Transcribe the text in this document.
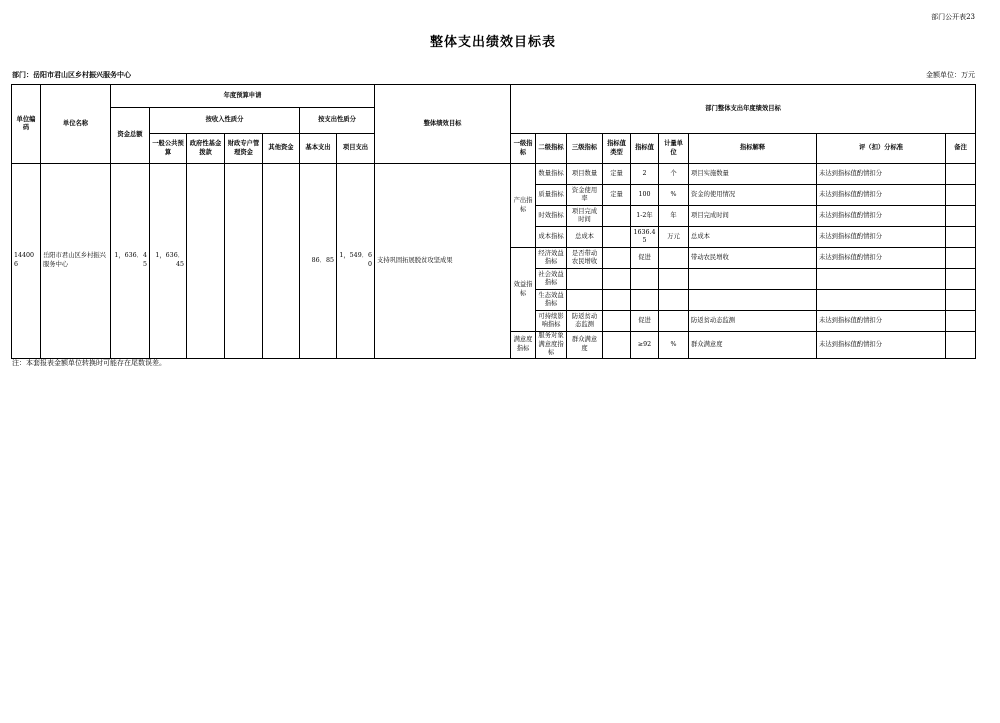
部门公开表23
整体支出绩效目标表
部门：岳阳市君山区乡村振兴服务中心	金额单位：万元
单位编码	单位名称	年度预算申请							整体绩效目标	部门整体支出年度绩效目标								
		资金总额	按收入性质分				按支出性质分											
			一般公共预算	政府性基金拨款	财政专户管理资金	其他资金	基本支出	项目支出		一级指标	二级指标	三级指标	指标值类型	指标值	计量单位	指标解释	评（扣）分标准	备注
144006	岳阳市君山区乡村振兴服务中心	1，636．45	1，636．45				86．85	1，549．60	支持巩固拓展脱贫攻坚成果	产出指标	数量指标	项目数量	定量	2	个	项目实施数量	未达到指标值酌情扣分	
											质量指标	资金使用率	定量	100	%	资金的使用情况	未达到指标值酌情扣分	
											时效指标	项目完成时间		1-2年	年	项目完成时间	未达到指标值酌情扣分	
											成本指标	总成本		1636.45	万元	总成本	未达到指标值酌情扣分	
										效益指标	经济效益指标	是否带动农民增收		促进		带动农民增收	未达到指标值酌情扣分	
											社会效益指标							
											生态效益指标							
											可持续影响指标	防返贫动态监测		促进		防返贫动态监测	未达到指标值酌情扣分	
										满意度指标	服务对象满意度指标	群众满意度		≥92	%	群众满意度	未达到指标值酌情扣分	
注：本套报表金额单位转换时可能存在尾数误差。
